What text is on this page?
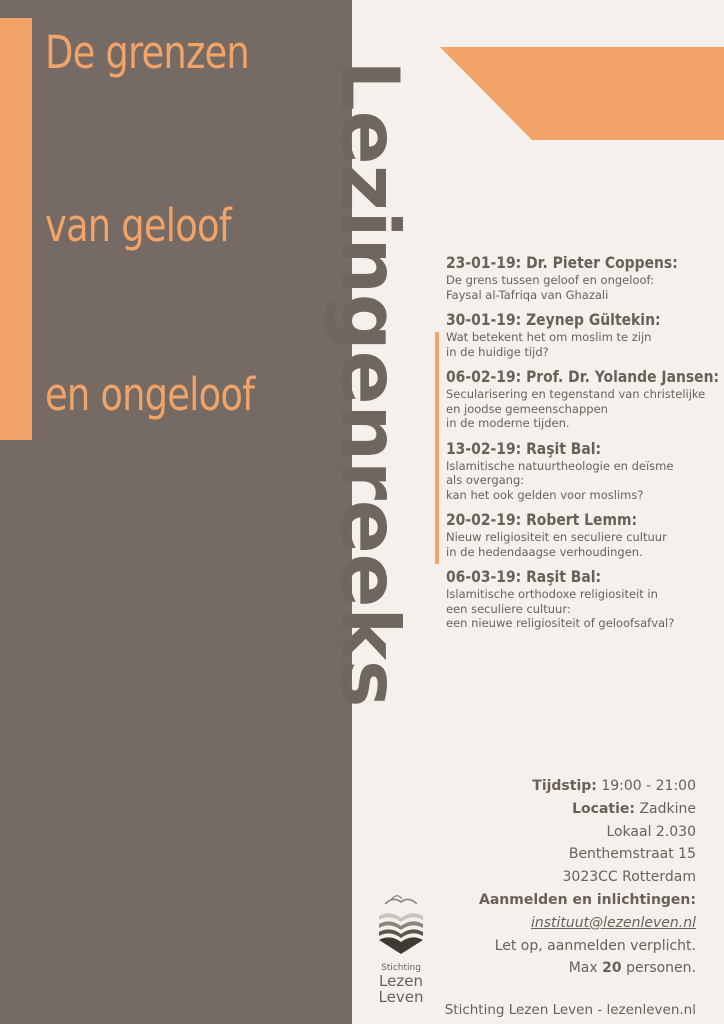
De grenzen
van geloof
en ongeloof Lezingenreeks 23-01-19: Dr. Pieter Coppens:
De grens tussen geloof en ongeloof:
Faysal al-Tafriqa van Ghazali
30-01-19: Zeynep Gültekin:
Wat betekent het om moslim te zijn
in de huidige tijd?
06-02-19: Prof. Dr. Yolande Jansen:
Secularisering en tegenstand van christelijke
en joodse gemeenschappen
in de moderne tijden.
13-02-19: Raşit Bal:
Islamitische natuurtheologie en deïsme
als overgang:
kan het ook gelden voor moslims?
20-02-19: Robert Lemm:
Nieuw religiositeit en seculiere cultuur
in de hedendaagse verhoudingen.
06-03-19: Raşit Bal:
Islamitische orthodoxe religiositeit in
een seculiere cultuur:
een nieuwe religiositeit of geloofsafval?
Tijdstip: 19:00 - 21:00
Locatie: Zadkine
Lokaal 2.030
Benthemstraat 15
3023CC Rotterdam
Aanmelden en inlichtingen:
instituut@lezenleven.nl
Let op, aanmelden verplicht.
Max 20 personen.
Stichting
Lezen
Leven
Stichting Lezen Leven - lezenleven.nl
